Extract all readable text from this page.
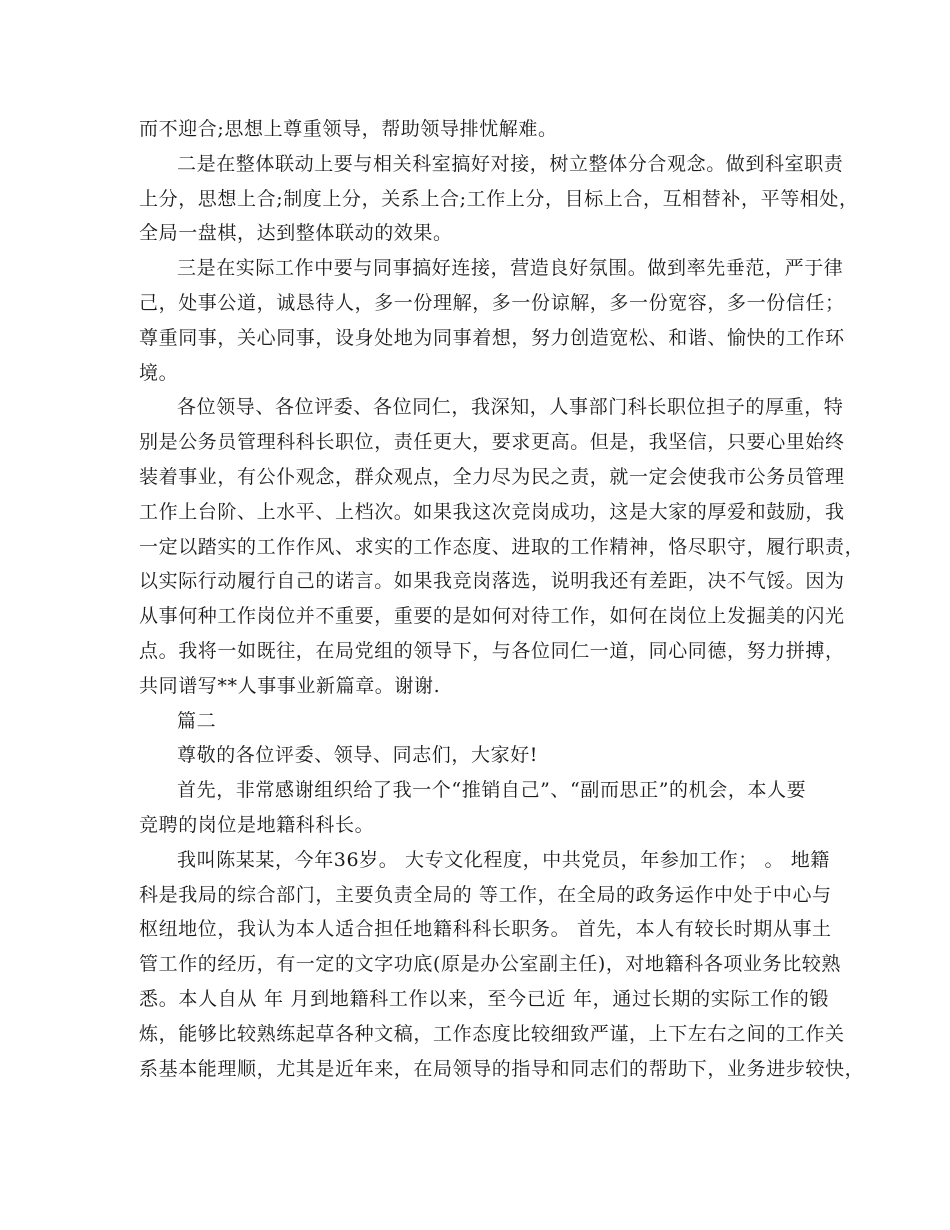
而不迎合;思想上尊重领导，帮助领导排忧解难。
二是在整体联动上要与相关科室搞好对接，树立整体分合观念。做到科室职责
上分，思想上合;制度上分，关系上合;工作上分，目标上合，互相替补，平等相处，
全局一盘棋，达到整体联动的效果。
三是在实际工作中要与同事搞好连接，营造良好氛围。做到率先垂范，严于律
己，处事公道，诚恳待人，多一份理解，多一份谅解，多一份宽容，多一份信任；
尊重同事，关心同事，设身处地为同事着想，努力创造宽松、和谐、愉快的工作环
境。
各位领导、各位评委、各位同仁，我深知，人事部门科长职位担子的厚重，特
别是公务员管理科科长职位，责任更大，要求更高。但是，我坚信，只要心里始终
装着事业，有公仆观念，群众观点，全力尽为民之责，就一定会使我市公务员管理
工作上台阶、上水平、上档次。如果我这次竞岗成功，这是大家的厚爱和鼓励，我
一定以踏实的工作作风、求实的工作态度、进取的工作精神，恪尽职守，履行职责，
以实际行动履行自己的诺言。如果我竞岗落选，说明我还有差距，决不气馁。因为
从事何种工作岗位并不重要，重要的是如何对待工作，如何在岗位上发掘美的闪光
点。我将一如既往，在局党组的领导下，与各位同仁一道，同心同德，努力拼搏，
共同谱写**人事事业新篇章。谢谢.
篇二
尊敬的各位评委、领导、同志们，大家好!
首先，非常感谢组织给了我一个“推销自己”、“副而思正”的机会，本人要
竞聘的岗位是地籍科科长。
我叫陈某某，今年36岁。 大专文化程度，中共党员，年参加工作； 。 地籍
科是我局的综合部门，主要负责全局的 等工作，在全局的政务运作中处于中心与
枢纽地位，我认为本人适合担任地籍科科长职务。 首先，本人有较长时期从事土
管工作的经历，有一定的文字功底(原是办公室副主任)，对地籍科各项业务比较熟
悉。本人自从 年 月到地籍科工作以来，至今已近 年，通过长期的实际工作的锻
炼，能够比较熟练起草各种文稿，工作态度比较细致严谨，上下左右之间的工作关
系基本能理顺，尤其是近年来，在局领导的指导和同志们的帮助下，业务进步较快，
